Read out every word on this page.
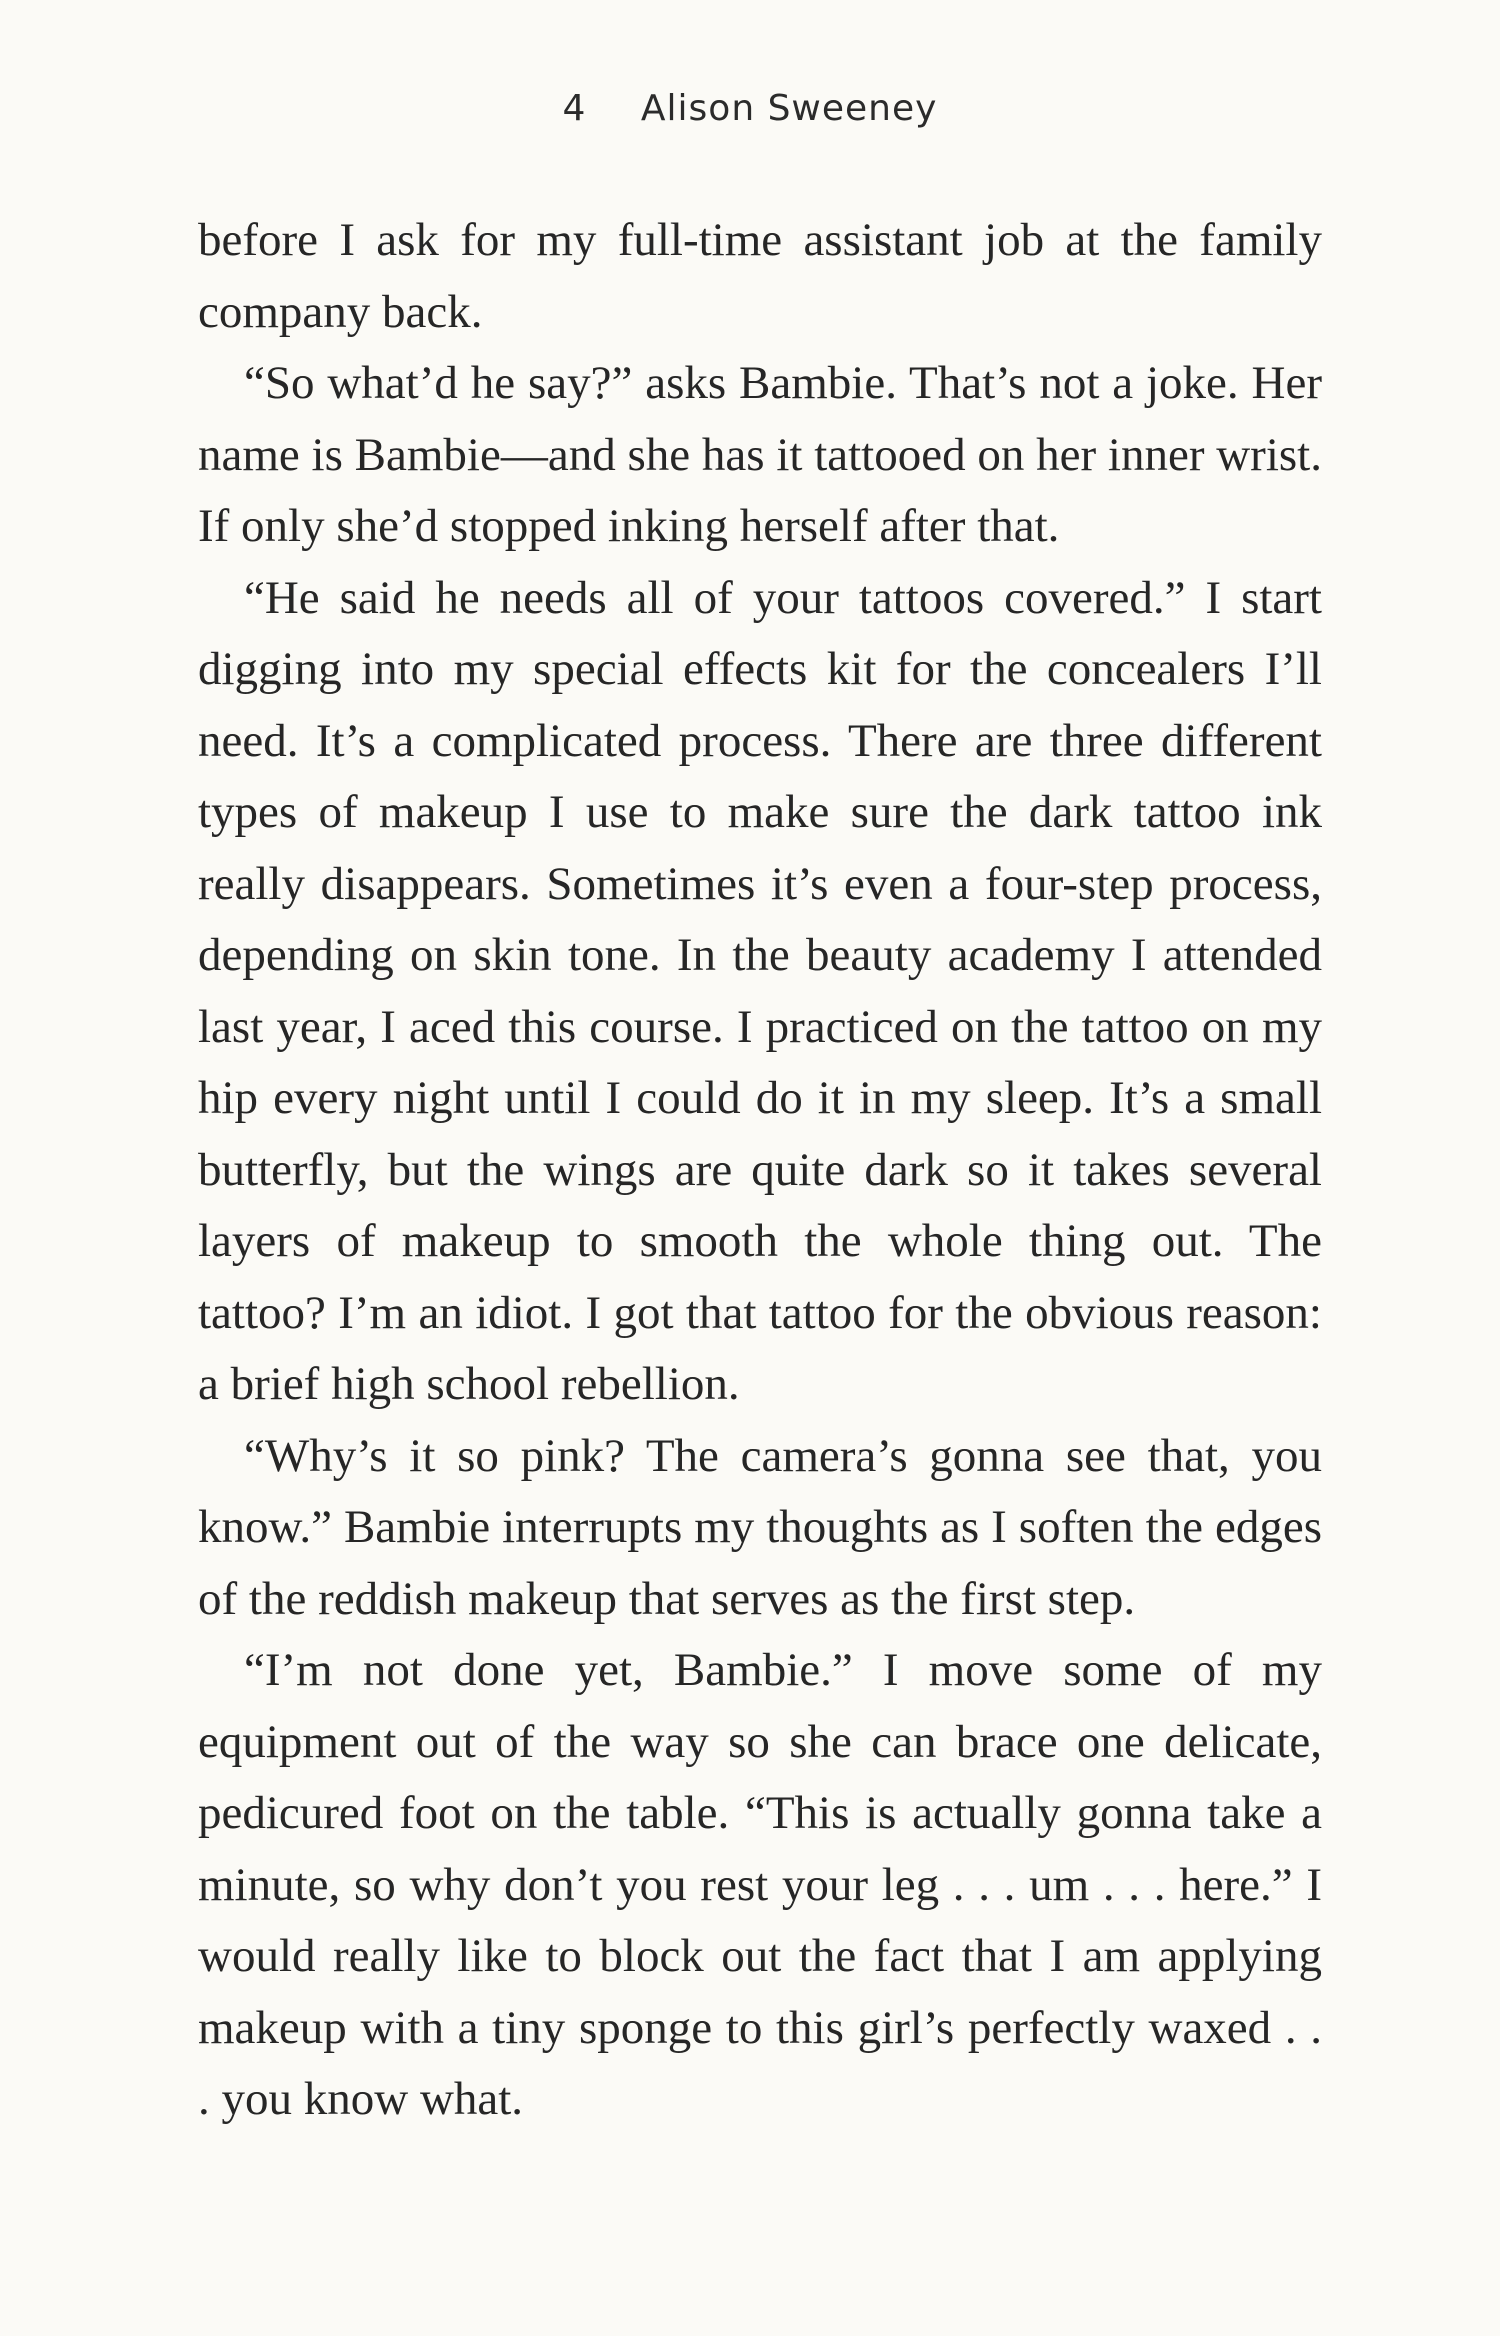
4 Alison Sweeney

before I ask for my full-time assistant job at the family company back.

“So what’d he say?” asks Bambie. That’s not a joke. Her name is Bambie—and she has it tattooed on her inner wrist. If only she’d stopped inking herself after that.

“He said he needs all of your tattoos covered.” I start digging into my special effects kit for the concealers I’ll need. It’s a complicated process. There are three different types of makeup I use to make sure the dark tattoo ink really disappears. Sometimes it’s even a four-step process, depending on skin tone. In the beauty academy I attended last year, I aced this course. I practiced on the tattoo on my hip every night until I could do it in my sleep. It’s a small butterfly, but the wings are quite dark so it takes several layers of makeup to smooth the whole thing out. The tattoo? I’m an idiot. I got that tattoo for the obvious reason: a brief high school rebellion.

“Why’s it so pink? The camera’s gonna see that, you know.” Bambie interrupts my thoughts as I soften the edges of the reddish makeup that serves as the first step.

“I’m not done yet, Bambie.” I move some of my equipment out of the way so she can brace one delicate, pedicured foot on the table. “This is actually gonna take a minute, so why don’t you rest your leg . . . um . . . here.” I would really like to block out the fact that I am applying makeup with a tiny sponge to this girl’s perfectly waxed . . . you know what.
